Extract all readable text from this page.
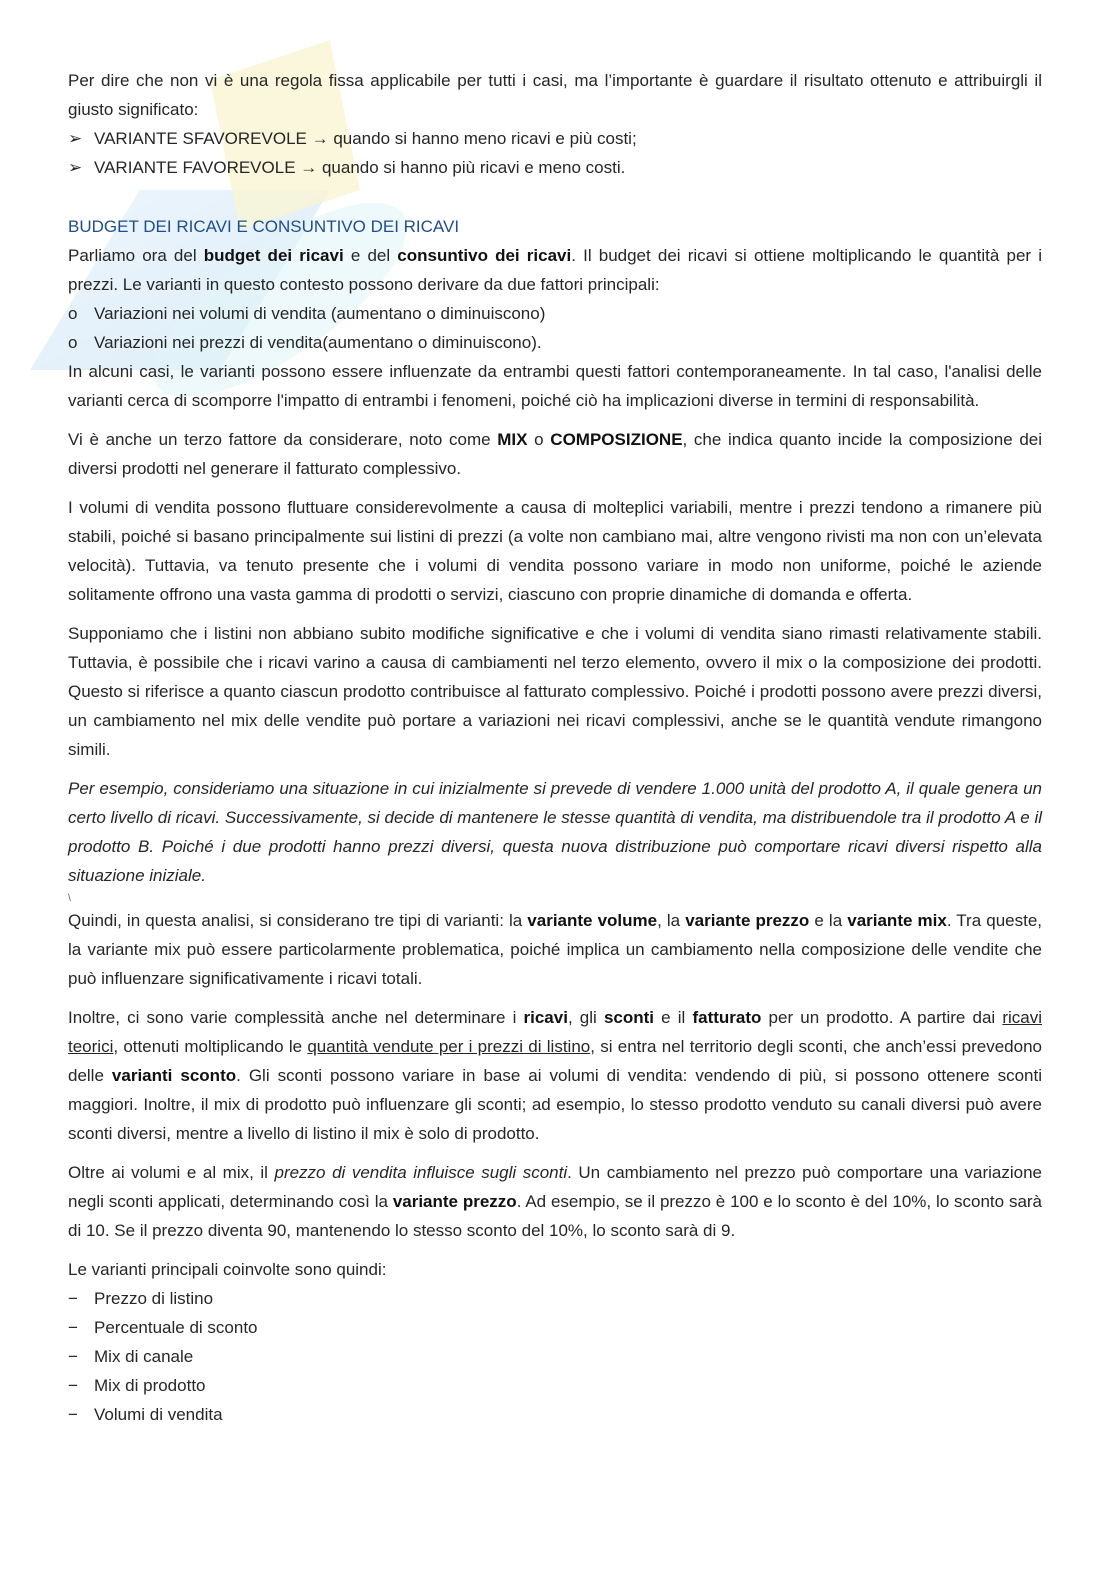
Per dire che non vi è una regola fissa applicabile per tutti i casi, ma l’importante è guardare il risultato ottenuto e attribuirgli il giusto significato:

➢ VARIANTE SFAVOREVOLE → quando si hanno meno ricavi e più costi;
➢ VARIANTE FAVOREVOLE → quando si hanno più ricavi e meno costi.

BUDGET DEI RICAVI E CONSUNTIVO DEI RICAVI

Parliamo ora del budget dei ricavi e del consuntivo dei ricavi. Il budget dei ricavi si ottiene moltiplicando le quantità per i prezzi. Le varianti in questo contesto possono derivare da due fattori principali:

o Variazioni nei volumi di vendita (aumentano o diminuiscono)
o Variazioni nei prezzi di vendita(aumentano o diminuiscono).

In alcuni casi, le varianti possono essere influenzate da entrambi questi fattori contemporaneamente. In tal caso, l'analisi delle varianti cerca di scomporre l'impatto di entrambi i fenomeni, poiché ciò ha implicazioni diverse in termini di responsabilità.

Vi è anche un terzo fattore da considerare, noto come MIX o COMPOSIZIONE, che indica quanto incide la composizione dei diversi prodotti nel generare il fatturato complessivo.

I volumi di vendita possono fluttuare considerevolmente a causa di molteplici variabili, mentre i prezzi tendono a rimanere più stabili, poiché si basano principalmente sui listini di prezzi (a volte non cambiano mai, altre vengono rivisti ma non con un’elevata velocità). Tuttavia, va tenuto presente che i volumi di vendita possono variare in modo non uniforme, poiché le aziende solitamente offrono una vasta gamma di prodotti o servizi, ciascuno con proprie dinamiche di domanda e offerta.

Supponiamo che i listini non abbiano subito modifiche significative e che i volumi di vendita siano rimasti relativamente stabili. Tuttavia, è possibile che i ricavi varino a causa di cambiamenti nel terzo elemento, ovvero il mix o la composizione dei prodotti. Questo si riferisce a quanto ciascun prodotto contribuisce al fatturato complessivo. Poiché i prodotti possono avere prezzi diversi, un cambiamento nel mix delle vendite può portare a variazioni nei ricavi complessivi, anche se le quantità vendute rimangono simili.

Per esempio, consideriamo una situazione in cui inizialmente si prevede di vendere 1.000 unità del prodotto A, il quale genera un certo livello di ricavi. Successivamente, si decide di mantenere le stesse quantità di vendita, ma distribuendole tra il prodotto A e il prodotto B. Poiché i due prodotti hanno prezzi diversi, questa nuova distribuzione può comportare ricavi diversi rispetto alla situazione iniziale.

\

Quindi, in questa analisi, si considerano tre tipi di varianti: la variante volume, la variante prezzo e la variante mix. Tra queste, la variante mix può essere particolarmente problematica, poiché implica un cambiamento nella composizione delle vendite che può influenzare significativamente i ricavi totali.

Inoltre, ci sono varie complessità anche nel determinare i ricavi, gli sconti e il fatturato per un prodotto. A partire dai ricavi teorici, ottenuti moltiplicando le quantità vendute per i prezzi di listino, si entra nel territorio degli sconti, che anch’essi prevedono delle varianti sconto. Gli sconti possono variare in base ai volumi di vendita: vendendo di più, si possono ottenere sconti maggiori. Inoltre, il mix di prodotto può influenzare gli sconti; ad esempio, lo stesso prodotto venduto su canali diversi può avere sconti diversi, mentre a livello di listino il mix è solo di prodotto.

Oltre ai volumi e al mix, il prezzo di vendita influisce sugli sconti. Un cambiamento nel prezzo può comportare una variazione negli sconti applicati, determinando così la variante prezzo. Ad esempio, se il prezzo è 100 e lo sconto è del 10%, lo sconto sarà di 10. Se il prezzo diventa 90, mantenendo lo stesso sconto del 10%, lo sconto sarà di 9.

Le varianti principali coinvolte sono quindi:

− Prezzo di listino
− Percentuale di sconto
− Mix di canale
− Mix di prodotto
− Volumi di vendita
